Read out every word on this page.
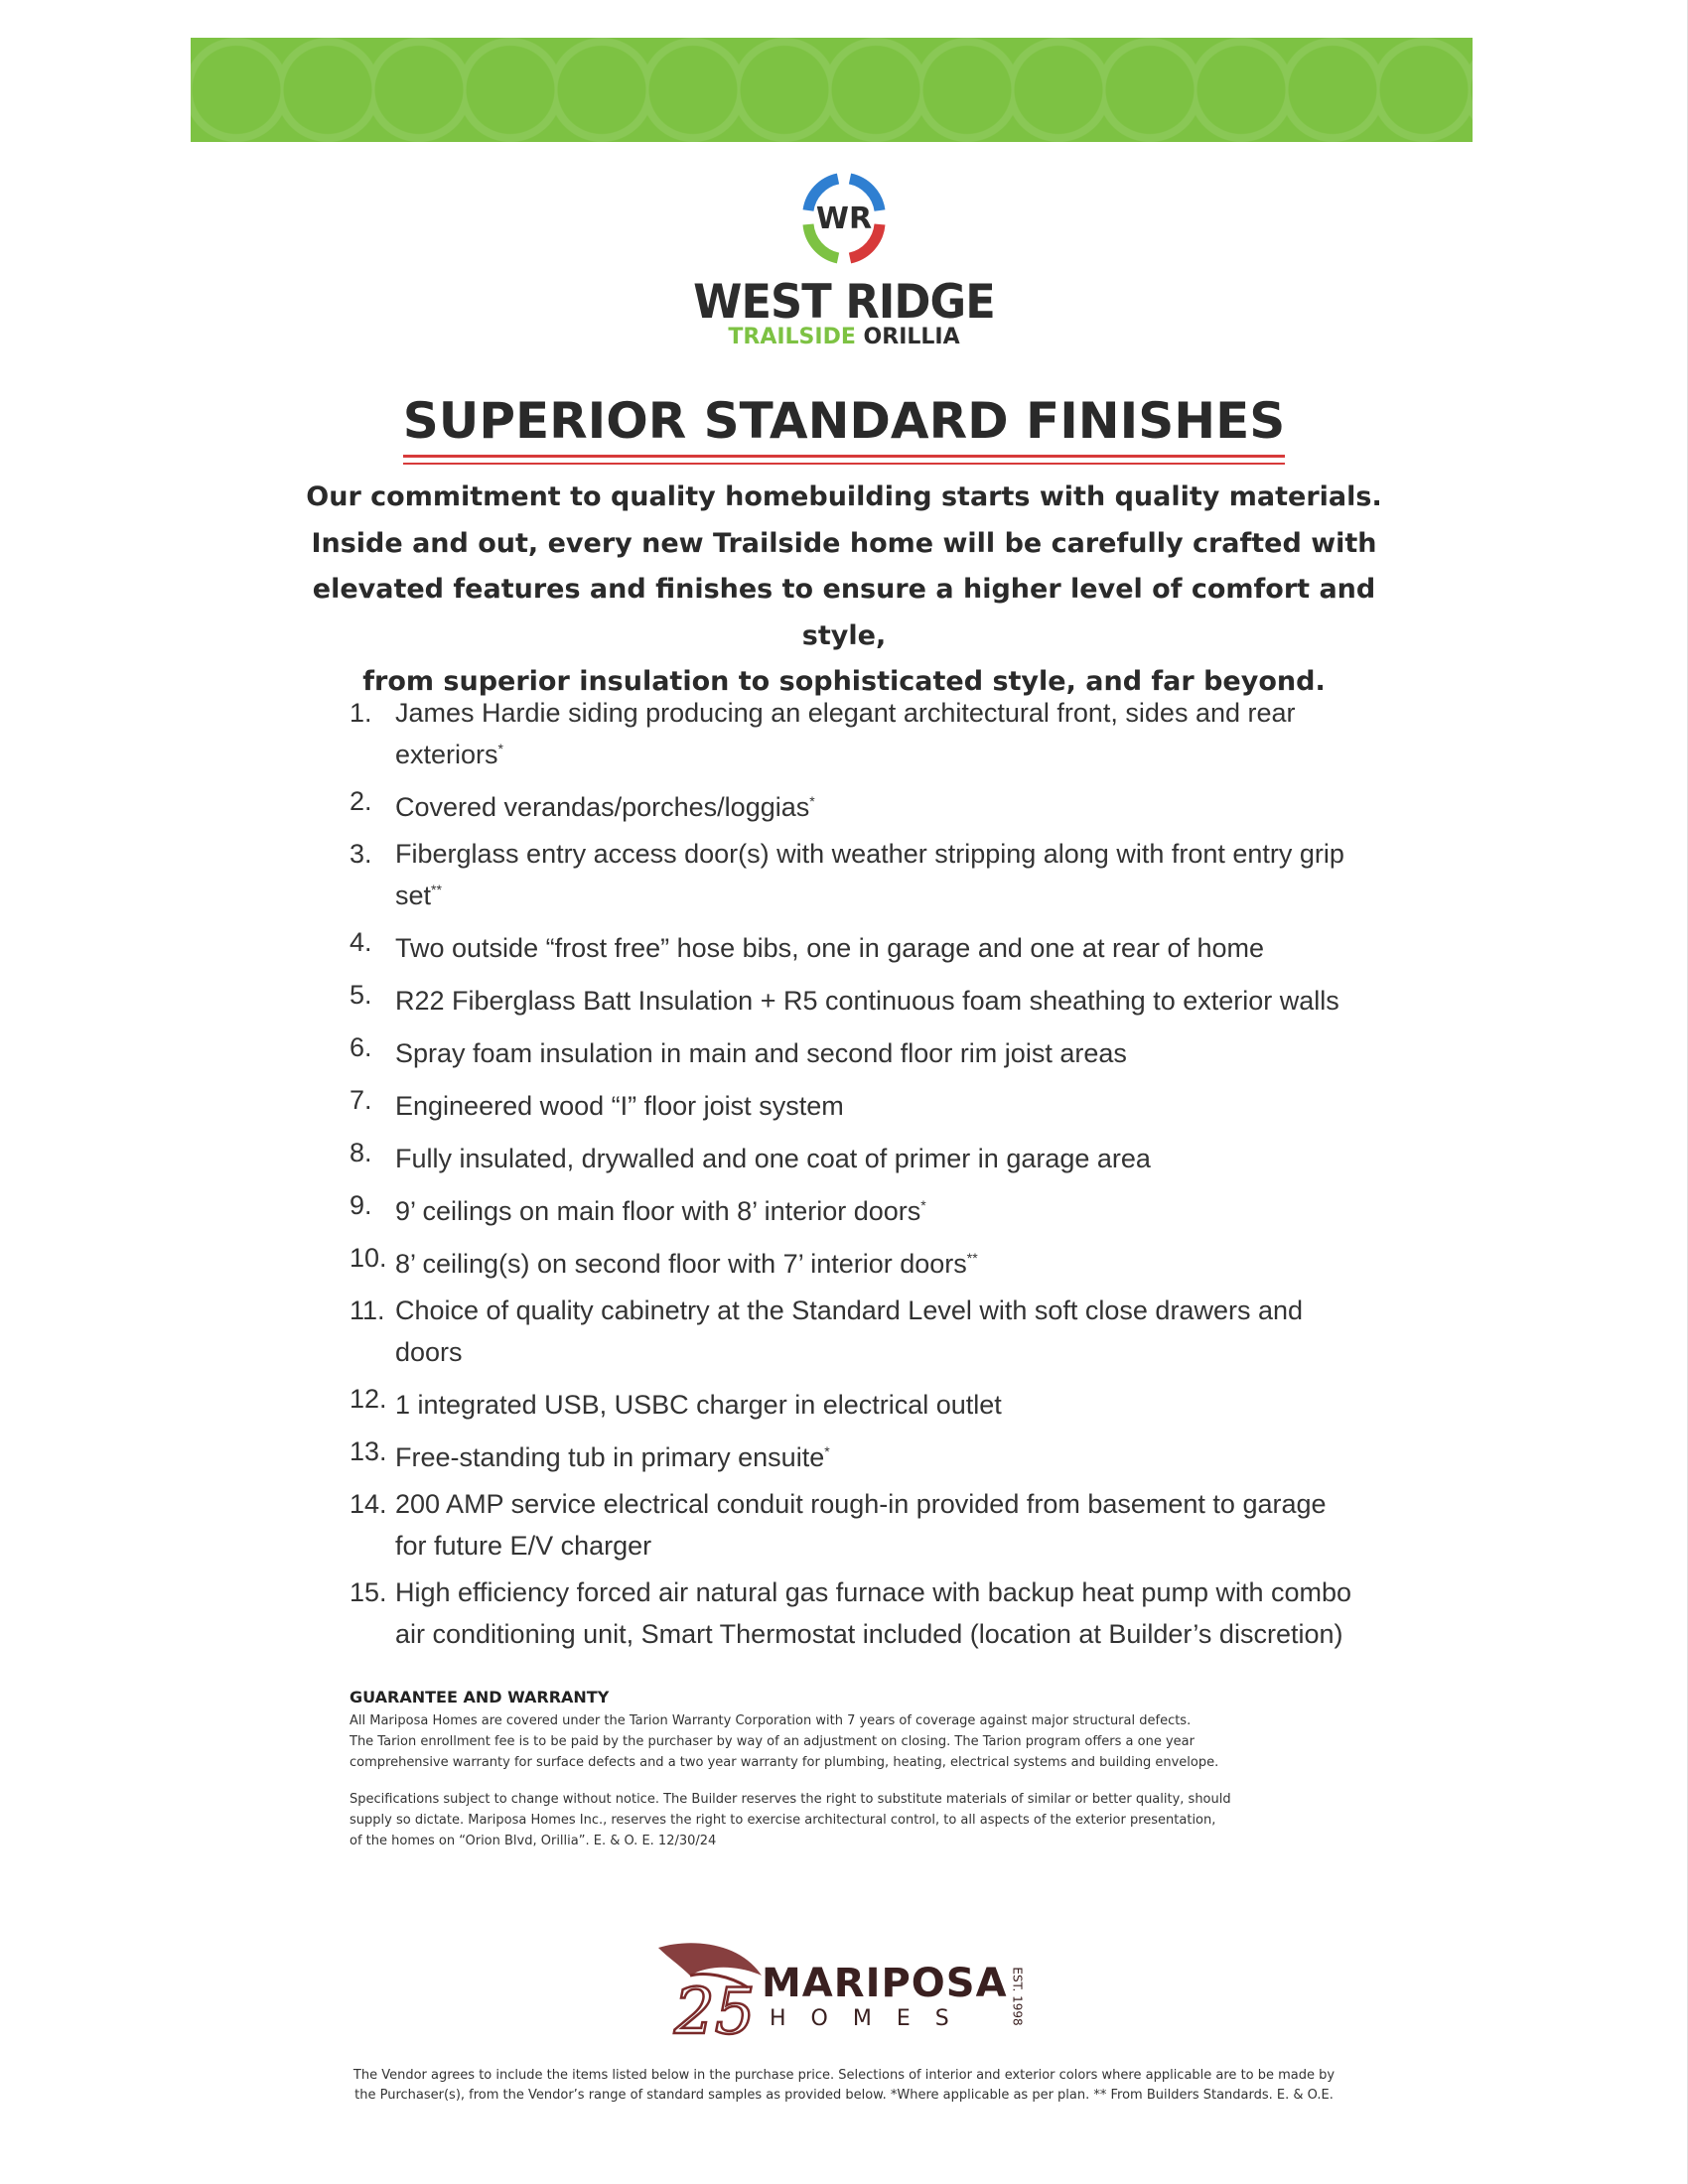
WR
WEST RIDGE
TRAILSIDE ORILLIA
SUPERIOR STANDARD FINISHES
Our commitment to quality homebuilding starts with quality materials.
Inside and out, every new Trailside home will be carefully crafted with
elevated features and finishes to ensure a higher level of comfort and style,
from superior insulation to sophisticated style, and far beyond.
1. James Hardie siding producing an elegant architectural front, sides and rear exteriors*
2. Covered verandas/porches/loggias*
3. Fiberglass entry access door(s) with weather stripping along with front entry grip set**
4. Two outside “frost free” hose bibs, one in garage and one at rear of home
5. R22 Fiberglass Batt Insulation + R5 continuous foam sheathing to exterior walls
6. Spray foam insulation in main and second floor rim joist areas
7. Engineered wood “I” floor joist system
8. Fully insulated, drywalled and one coat of primer in garage area
9. 9’ ceilings on main floor with 8’ interior doors*
10. 8’ ceiling(s) on second floor with 7’ interior doors**
11. Choice of quality cabinetry at the Standard Level with soft close drawers and doors
12. 1 integrated USB, USBC charger in electrical outlet
13. Free-standing tub in primary ensuite*
14. 200 AMP service electrical conduit rough-in provided from basement to garage for future E/V charger
15. High efficiency forced air natural gas furnace with backup heat pump with combo air conditioning unit, Smart Thermostat included (location at Builder’s discretion)
GUARANTEE AND WARRANTY
All Mariposa Homes are covered under the Tarion Warranty Corporation with 7 years of coverage against major structural defects.
The Tarion enrollment fee is to be paid by the purchaser by way of an adjustment on closing. The Tarion program offers a one year
comprehensive warranty for surface defects and a two year warranty for plumbing, heating, electrical systems and building envelope.
Specifications subject to change without notice. The Builder reserves the right to substitute materials of similar or better quality, should
supply so dictate. Mariposa Homes Inc., reserves the right to exercise architectural control, to all aspects of the exterior presentation,
of the homes on “Orion Blvd, Orillia”. E. & O. E. 12/30/24
25 MARIPOSA
HOMES	EST. 1998
The Vendor agrees to include the items listed below in the purchase price. Selections of interior and exterior colors where applicable are to be made by
the Purchaser(s), from the Vendor’s range of standard samples as provided below. *Where applicable as per plan. ** From Builders Standards. E. & O.E.
